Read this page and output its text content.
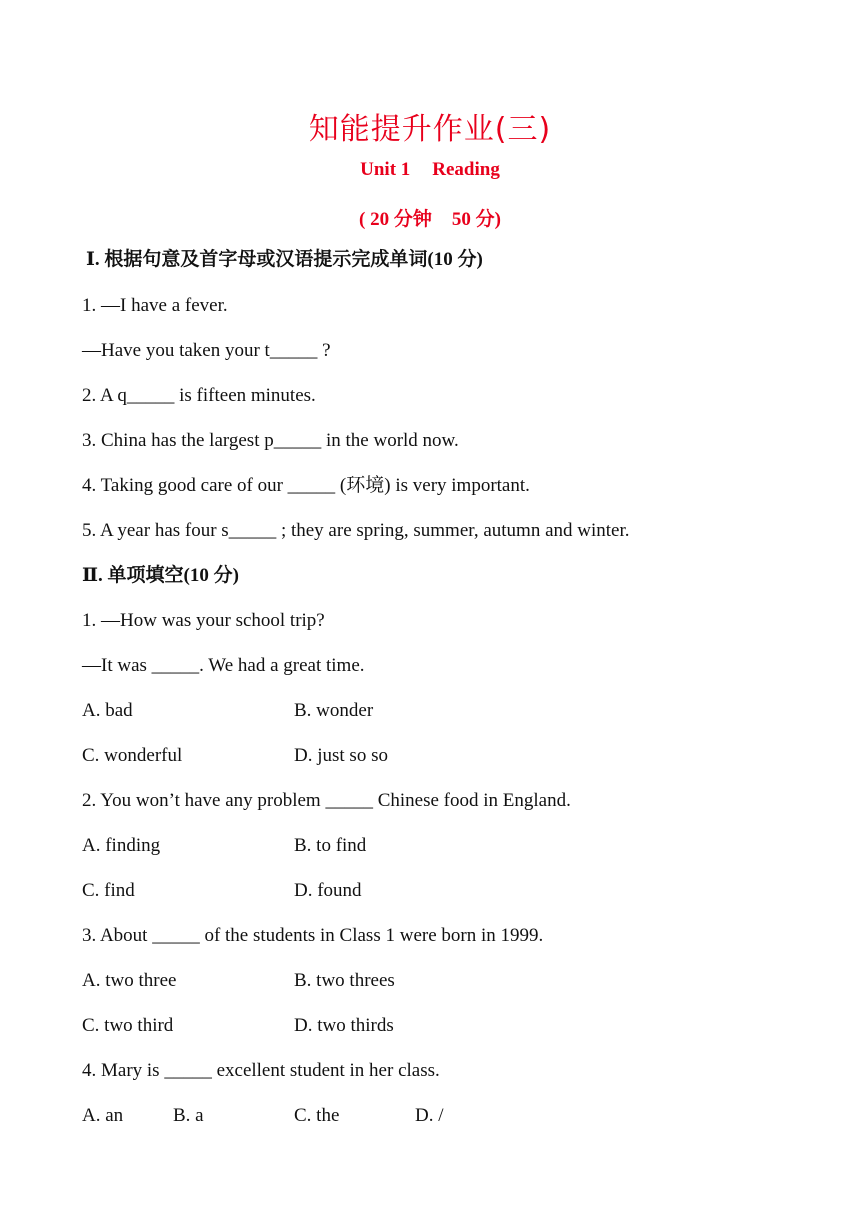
知能提升作业(三)
Unit 1 Reading
( 20 分钟 50 分)
Ⅰ. 根据句意及首字母或汉语提示完成单词(10 分)
1. —I have a fever.
—Have you taken your t_____ ?
2. A q_____ is fifteen minutes.
3. China has the largest p_____ in the world now.
4. Taking good care of our _____ (环境) is very important.
5. A year has four s_____ ; they are spring, summer, autumn and winter.
Ⅱ. 单项填空(10 分)
1. —How was your school trip?
—It was _____. We had a great time.
A. bad	B. wonder
C. wonderful	D. just so so
2. You won’t have any problem _____ Chinese food in England.
A. finding	B. to find
C. find	D. found
3. About _____ of the students in Class 1 were born in 1999.
A. two three	B. two threes
C. two third	D. two thirds
4. Mary is _____ excellent student in her class.
A. an	B. a	C. the	D. /
